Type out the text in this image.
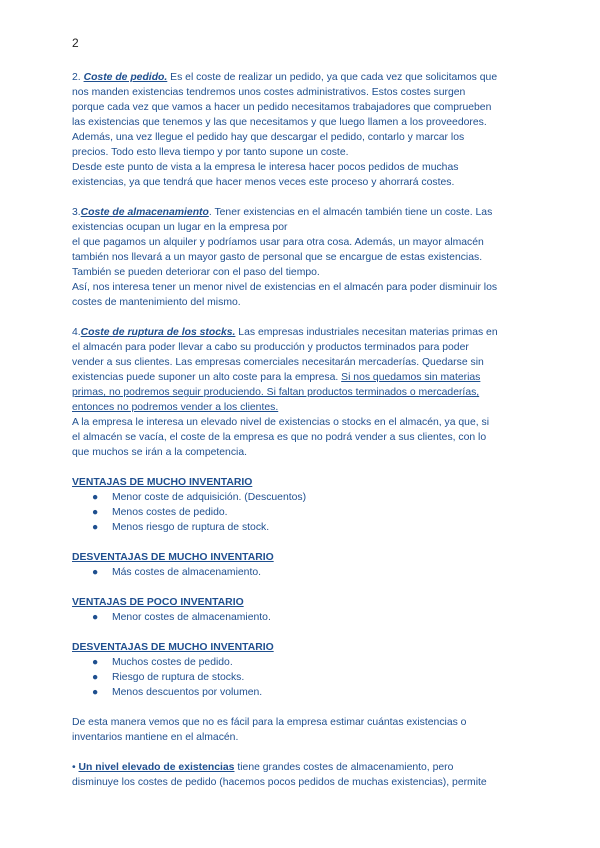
2

2. Coste de pedido. Es el coste de realizar un pedido, ya que cada vez que solicitamos que
nos manden existencias tendremos unos costes administrativos. Estos costes surgen
porque cada vez que vamos a hacer un pedido necesitamos trabajadores que comprueben
las existencias que tenemos y las que necesitamos y que luego llamen a los proveedores.
Además, una vez llegue el pedido hay que descargar el pedido, contarlo y marcar los
precios. Todo esto lleva tiempo y por tanto supone un coste.
Desde este punto de vista a la empresa le interesa hacer pocos pedidos de muchas
existencias, ya que tendrá que hacer menos veces este proceso y ahorrará costes.

3.Coste de almacenamiento. Tener existencias en el almacén también tiene un coste. Las
existencias ocupan un lugar en la empresa por
el que pagamos un alquiler y podríamos usar para otra cosa. Además, un mayor almacén
también nos llevará a un mayor gasto de personal que se encargue de estas existencias.
También se pueden deteriorar con el paso del tiempo.
Así, nos interesa tener un menor nivel de existencias en el almacén para poder disminuir los
costes de mantenimiento del mismo.

4.Coste de ruptura de los stocks. Las empresas industriales necesitan materias primas en
el almacén para poder llevar a cabo su producción y productos terminados para poder
vender a sus clientes. Las empresas comerciales necesitarán mercaderías. Quedarse sin
existencias puede suponer un alto coste para la empresa. Si nos quedamos sin materias
primas, no podremos seguir produciendo. Si faltan productos terminados o mercaderías,
entonces no podremos vender a los clientes.
A la empresa le interesa un elevado nivel de existencias o stocks en el almacén, ya que, si
el almacén se vacía, el coste de la empresa es que no podrá vender a sus clientes, con lo
que muchos se irán a la competencia.

VENTAJAS DE MUCHO INVENTARIO

● Menor coste de adquisición. (Descuentos)
● Menos costes de pedido.
● Menos riesgo de ruptura de stock.

DESVENTAJAS DE MUCHO INVENTARIO

● Más costes de almacenamiento.

VENTAJAS DE POCO INVENTARIO

● Menor costes de almacenamiento.

DESVENTAJAS DE MUCHO INVENTARIO

● Muchos costes de pedido.
● Riesgo de ruptura de stocks.
● Menos descuentos por volumen.

De esta manera vemos que no es fácil para la empresa estimar cuántas existencias o
inventarios mantiene en el almacén.

• Un nivel elevado de existencias tiene grandes costes de almacenamiento, pero
disminuye los costes de pedido (hacemos pocos pedidos de muchas existencias), permite
